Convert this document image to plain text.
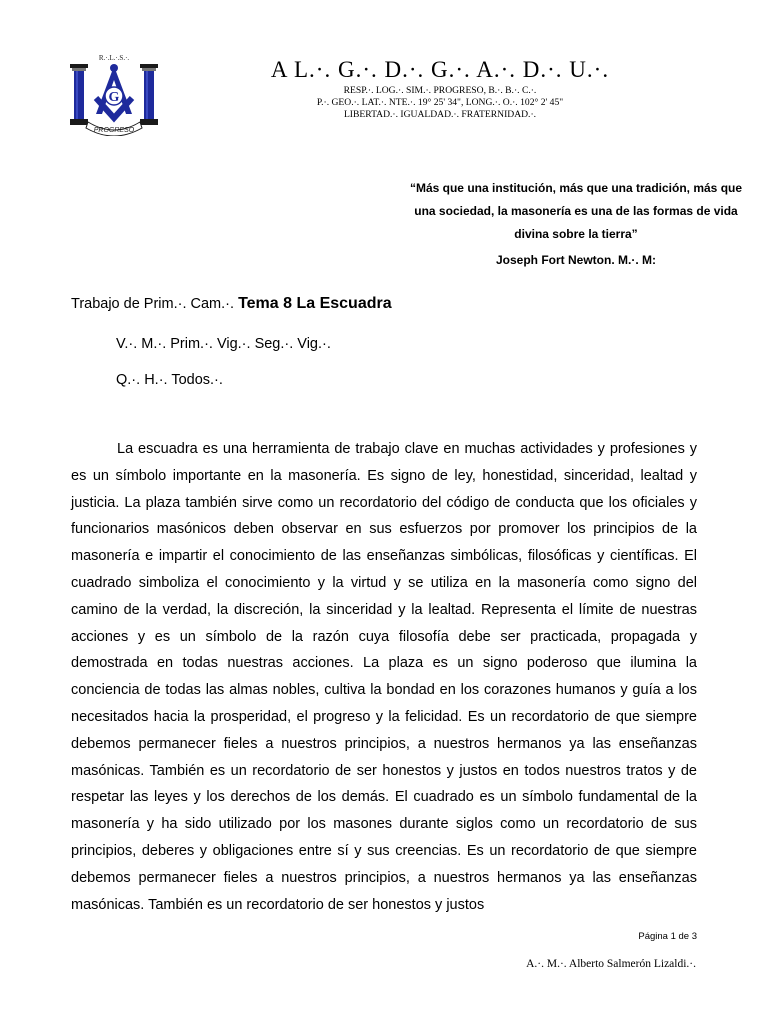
R.·.L.·.S.·.
G
PROGRESO
A L.·. G.·. D.·. G.·. A.·. D.·. U.·.
RESP.·. LOG.·. SIM.·. PROGRESO, B.·. B.·. C.·.
P.·. GEO.·. LAT.·. NTE.·. 19° 25' 34", LONG.·. O.·. 102° 2' 45"
LIBERTAD.·. IGUALDAD.·. FRATERNIDAD.·.
“Más que una institución, más que una tradición, más que una sociedad, la masonería es una de las formas de vida divina sobre la tierra”
Joseph Fort Newton. M.·. M:
Trabajo de Prim.·. Cam.·. Tema 8 La Escuadra
V.·. M.·. Prim.·. Vig.·. Seg.·. Vig.·.
Q.·. H.·. Todos.·.

La escuadra es una herramienta de trabajo clave en muchas actividades y profesiones y es un símbolo importante en la masonería. Es signo de ley, honestidad, sinceridad, lealtad y justicia. La plaza también sirve como un recordatorio del código de conducta que los oficiales y funcionarios masónicos deben observar en sus esfuerzos por promover los principios de la masonería e impartir el conocimiento de las enseñanzas simbólicas, filosóficas y científicas. El cuadrado simboliza el conocimiento y la virtud y se utiliza en la masonería como signo del camino de la verdad, la discreción, la sinceridad y la lealtad. Representa el límite de nuestras acciones y es un símbolo de la razón cuya filosofía debe ser practicada, propagada y demostrada en todas nuestras acciones. La plaza es un signo poderoso que ilumina la conciencia de todas las almas nobles, cultiva la bondad en los corazones humanos y guía a los necesitados hacia la prosperidad, el progreso y la felicidad. Es un recordatorio de que siempre debemos permanecer fieles a nuestros principios, a nuestros hermanos ya las enseñanzas masónicas. También es un recordatorio de ser honestos y justos en todos nuestros tratos y de respetar las leyes y los derechos de los demás. El cuadrado es un símbolo fundamental de la masonería y ha sido utilizado por los masones durante siglos como un recordatorio de sus principios, deberes y obligaciones entre sí y sus creencias. Es un recordatorio de que siempre debemos permanecer fieles a nuestros principios, a nuestros hermanos ya las enseñanzas masónicas. También es un recordatorio de ser honestos y justos

Página 1 de 3
A.·. M.·. Alberto Salmerón Lizaldi.·.
